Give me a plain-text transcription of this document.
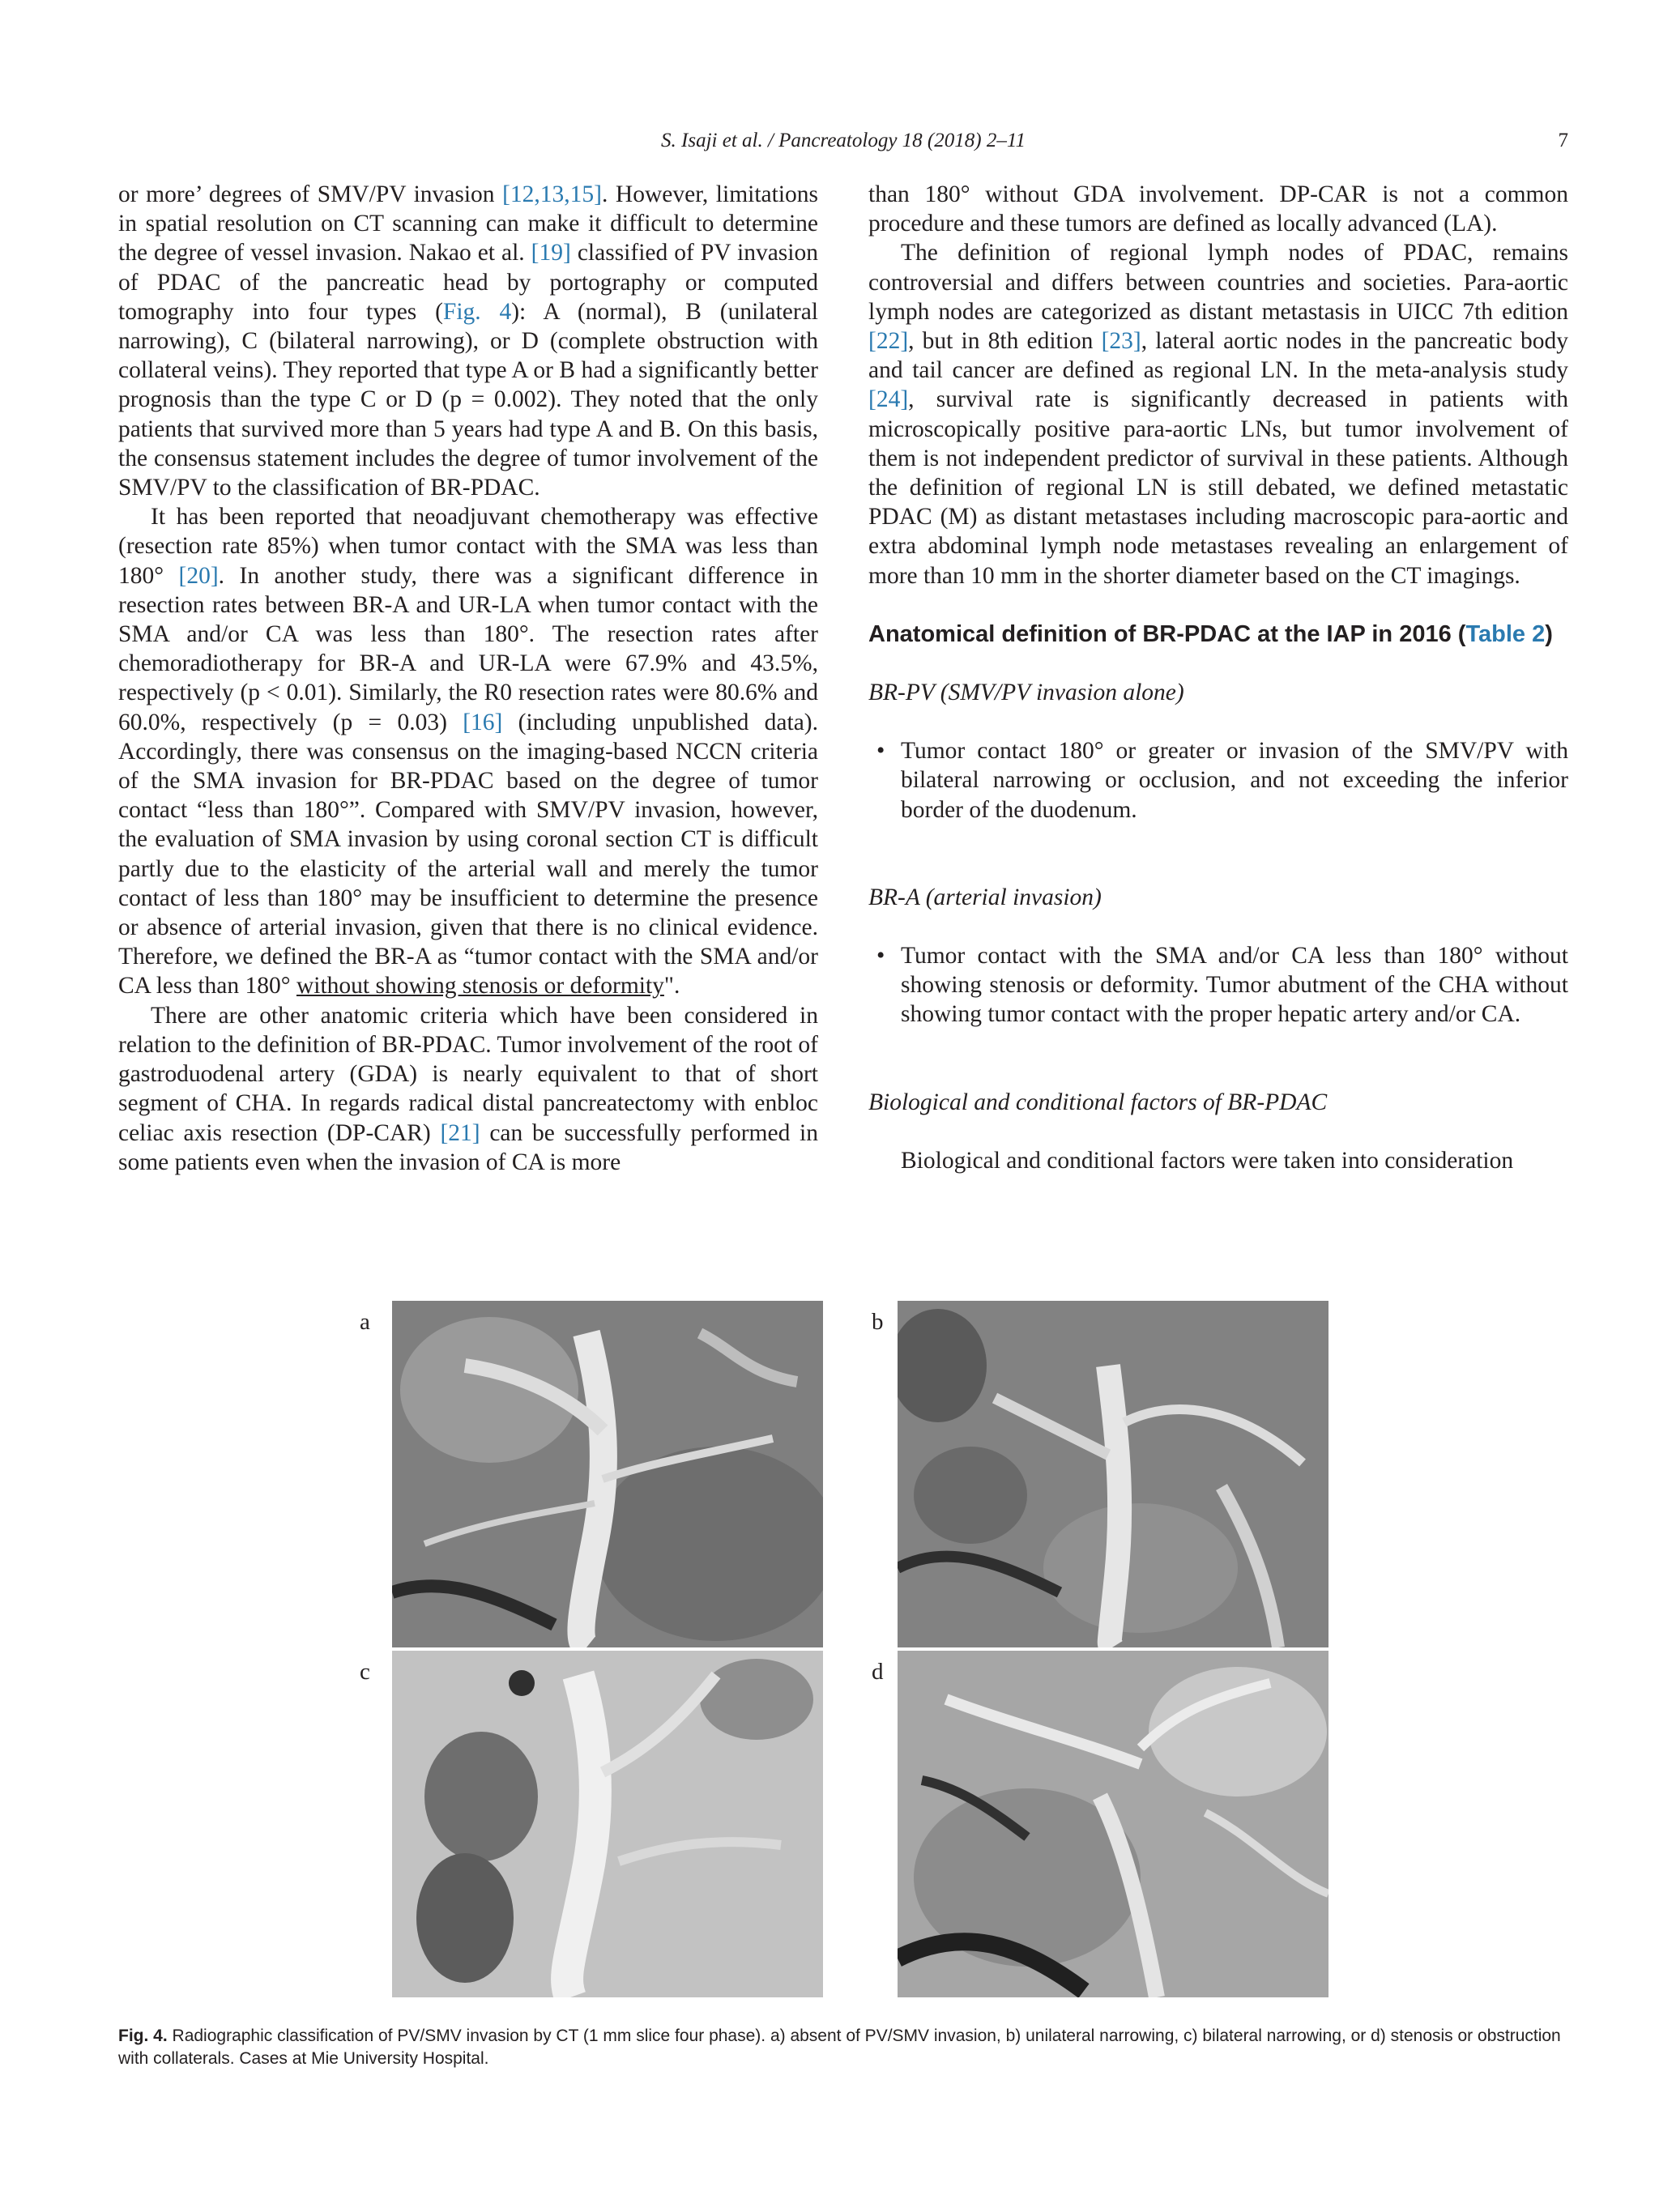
S. Isaji et al. / Pancreatology 18 (2018) 2–11	7

or more’ degrees of SMV/PV invasion [12,13,15]. However, limitations in spatial resolution on CT scanning can make it difficult to determine the degree of vessel invasion. Nakao et al. [19] classified of PV invasion of PDAC of the pancreatic head by portography or computed tomography into four types (Fig. 4): A (normal), B (unilateral narrowing), C (bilateral narrowing), or D (complete obstruction with collateral veins). They reported that type A or B had a significantly better prognosis than the type C or D (p = 0.002). They noted that the only patients that survived more than 5 years had type A and B. On this basis, the consensus statement includes the degree of tumor involvement of the SMV/PV to the classification of BR-PDAC.

It has been reported that neoadjuvant chemotherapy was effective (resection rate 85%) when tumor contact with the SMA was less than 180° [20]. In another study, there was a significant difference in resection rates between BR-A and UR-LA when tumor contact with the SMA and/or CA was less than 180°. The resection rates after chemoradiotherapy for BR-A and UR-LA were 67.9% and 43.5%, respectively (p < 0.01). Similarly, the R0 resection rates were 80.6% and 60.0%, respectively (p = 0.03) [16] (including unpublished data). Accordingly, there was consensus on the imaging-based NCCN criteria of the SMA invasion for BR-PDAC based on the degree of tumor contact “less than 180°”. Compared with SMV/PV invasion, however, the evaluation of SMA invasion by using coronal section CT is difficult partly due to the elasticity of the arterial wall and merely the tumor contact of less than 180° may be insufficient to determine the presence or absence of arterial invasion, given that there is no clinical evidence. Therefore, we defined the BR-A as “tumor contact with the SMA and/or CA less than 180° without showing stenosis or deformity".

There are other anatomic criteria which have been considered in relation to the definition of BR-PDAC. Tumor involvement of the root of gastroduodenal artery (GDA) is nearly equivalent to that of short segment of CHA. In regards radical distal pancreatectomy with enbloc celiac axis resection (DP-CAR) [21] can be successfully performed in some patients even when the invasion of CA is more

than 180° without GDA involvement. DP-CAR is not a common procedure and these tumors are defined as locally advanced (LA).

The definition of regional lymph nodes of PDAC, remains controversial and differs between countries and societies. Para-aortic lymph nodes are categorized as distant metastasis in UICC 7th edition [22], but in 8th edition [23], lateral aortic nodes in the pancreatic body and tail cancer are defined as regional LN. In the meta-analysis study [24], survival rate is significantly decreased in patients with microscopically positive para-aortic LNs, but tumor involvement of them is not independent predictor of survival in these patients. Although the definition of regional LN is still debated, we defined metastatic PDAC (M) as distant metastases including macroscopic para-aortic and extra abdominal lymph node metastases revealing an enlargement of more than 10 mm in the shorter diameter based on the CT imagings.

Anatomical definition of BR-PDAC at the IAP in 2016 (Table 2)

BR-PV (SMV/PV invasion alone)

• Tumor contact 180° or greater or invasion of the SMV/PV with bilateral narrowing or occlusion, and not exceeding the inferior border of the duodenum.

BR-A (arterial invasion)

• Tumor contact with the SMA and/or CA less than 180° without showing stenosis or deformity. Tumor abutment of the CHA without showing tumor contact with the proper hepatic artery and/or CA.

Biological and conditional factors of BR-PDAC

Biological and conditional factors were taken into consideration

a	b
c	d
Fig. 4. Radiographic classification of PV/SMV invasion by CT (1 mm slice four phase). a) absent of PV/SMV invasion, b) unilateral narrowing, c) bilateral narrowing, or d) stenosis or obstruction with collaterals. Cases at Mie University Hospital.
